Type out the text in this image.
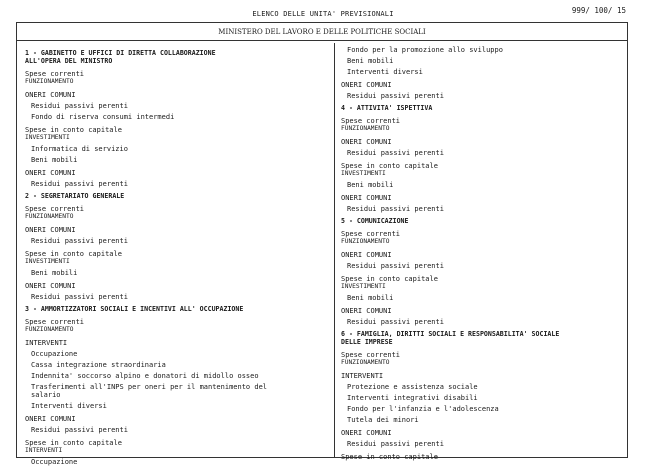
ELENCO DELLE UNITA' PREVISIONALI	999/ 100/ 15
MINISTERO DEL LAVORO E DELLE POLITICHE SOCIALI
1 - GABINETTO E UFFICI DI DIRETTA COLLABORAZIONE
ALL'OPERA DEL MINISTRO
Spese correnti
FUNZIONAMENTO
ONERI COMUNI
Residui passivi perenti
Fondo di riserva consumi intermedi
Spese in conto capitale
INVESTIMENTI
Informatica di servizio
Beni mobili
ONERI COMUNI
Residui passivi perenti
2 - SEGRETARIATO GENERALE
Spese correnti
FUNZIONAMENTO
ONERI COMUNI
Residui passivi perenti
Spese in conto capitale
INVESTIMENTI
Beni mobili
ONERI COMUNI
Residui passivi perenti
3 - AMMORTIZZATORI SOCIALI E INCENTIVI ALL' OCCUPAZIONE
Spese correnti
FUNZIONAMENTO
INTERVENTI
Occupazione
Cassa integrazione straordinaria
Indennita' soccorso alpino e donatori di midollo osseo
Trasferimenti all'INPS per oneri per il mantenimento del
salario
Interventi diversi
ONERI COMUNI
Residui passivi perenti
Spese in conto capitale
INTERVENTI
Occupazione
Fondo per la promozione allo sviluppo
Beni mobili
Interventi diversi
ONERI COMUNI
Residui passivi perenti
4 - ATTIVITA' ISPETTIVA
Spese correnti
FUNZIONAMENTO
ONERI COMUNI
Residui passivi perenti
Spese in conto capitale
INVESTIMENTI
Beni mobili
ONERI COMUNI
Residui passivi perenti
5 - COMUNICAZIONE
Spese correnti
FUNZIONAMENTO
ONERI COMUNI
Residui passivi perenti
Spese in conto capitale
INVESTIMENTI
Beni mobili
ONERI COMUNI
Residui passivi perenti
6 - FAMIGLIA, DIRITTI SOCIALI E RESPONSABILITA' SOCIALE
DELLE IMPRESE
Spese correnti
FUNZIONAMENTO
INTERVENTI
Protezione e assistenza sociale
Interventi integrativi disabili
Fondo per l'infanzia e l'adolescenza
Tutela dei minori
ONERI COMUNI
Residui passivi perenti
Spese in conto capitale
